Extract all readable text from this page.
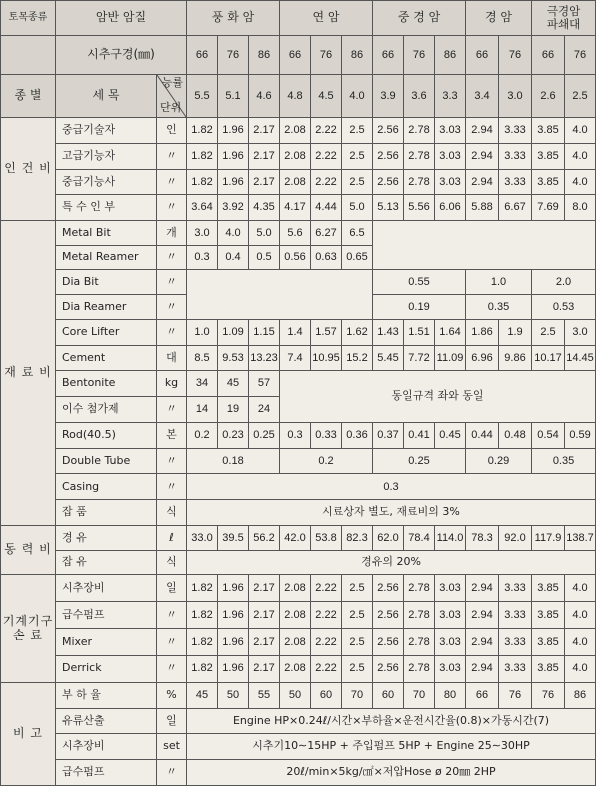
토목종류	암반 암질		풍 화 암			연 암			중 경 암			경 암		극경암
파쇄대	
	시추구경(㎜)		66	76	86	66	76	86	66	76	86	66	76	66	76
종 별	세 목	능률
단위	5.5	5.1	4.6	4.8	4.5	4.0	3.9	3.6	3.3	3.4	3.0	2.6	2.5
인 건 비	중급기술자	인	1.82	1.96	2.17	2.08	2.22	2.5	2.56	2.78	3.03	2.94	3.33	3.85	4.0
	고급기능자	〃	1.82	1.96	2.17	2.08	2.22	2.5	2.56	2.78	3.03	2.94	3.33	3.85	4.0
	중급기능사	〃	1.82	1.96	2.17	2.08	2.22	2.5	2.56	2.78	3.03	2.94	3.33	3.85	4.0
	특 수 인 부	〃	3.64	3.92	4.35	4.17	4.44	5.0	5.13	5.56	6.06	5.88	6.67	7.69	8.0
재 료 비	Metal Bit	개	3.0	4.0	5.0	5.6	6.27	6.5							
	Metal Reamer	〃	0.3	0.4	0.5	0.56	0.63	0.65							
	Dia Bit	〃							0.55			1.0		2.0	
	Dia Reamer	〃							0.19			0.35		0.53	
	Core Lifter	〃	1.0	1.09	1.15	1.4	1.57	1.62	1.43	1.51	1.64	1.86	1.9	2.5	3.0
	Cement	대	8.5	9.53	13.23	7.4	10.95	15.2	5.45	7.72	11.09	6.96	9.86	10.17	14.45
	Bentonite	kg	34	45	57	동일규격 좌와 동일									
	이수 첨가제	〃	14	19	24										
	Rod(40.5)	본	0.2	0.23	0.25	0.3	0.33	0.36	0.37	0.41	0.45	0.44	0.48	0.54	0.59
	Double Tube	〃	0.18			0.2			0.25			0.29		0.35	
	Casing	〃	0.3												
	잡 품	식	시료상자 별도, 재료비의 3%												
동 력 비	경 유	ℓ	33.0	39.5	56.2	42.0	53.8	82.3	62.0	78.4	114.0	78.3	92.0	117.9	138.7
	잡 유	식	경유의 20%												
기계기구
손 료	시추장비	일	1.82	1.96	2.17	2.08	2.22	2.5	2.56	2.78	3.03	2.94	3.33	3.85	4.0
	급수펌프	〃	1.82	1.96	2.17	2.08	2.22	2.5	2.56	2.78	3.03	2.94	3.33	3.85	4.0
	Mixer	〃	1.82	1.96	2.17	2.08	2.22	2.5	2.56	2.78	3.03	2.94	3.33	3.85	4.0
	Derrick	〃	1.82	1.96	2.17	2.08	2.22	2.5	2.56	2.78	3.03	2.94	3.33	3.85	4.0
비 고	부 하 율	%	45	50	55	50	60	70	60	70	80	66	76	76	86
	유류산출	일	Engine HP×0.24ℓ/시간×부하율×운전시간율(0.8)×가동시간(7)												
	시추장비	set	시추기10∼15HP + 주입펌프 5HP + Engine 25∼30HP												
	급수펌프	〃	20ℓ/min×5kg/㎠×저압Hose ø 20㎜ 2HP												
